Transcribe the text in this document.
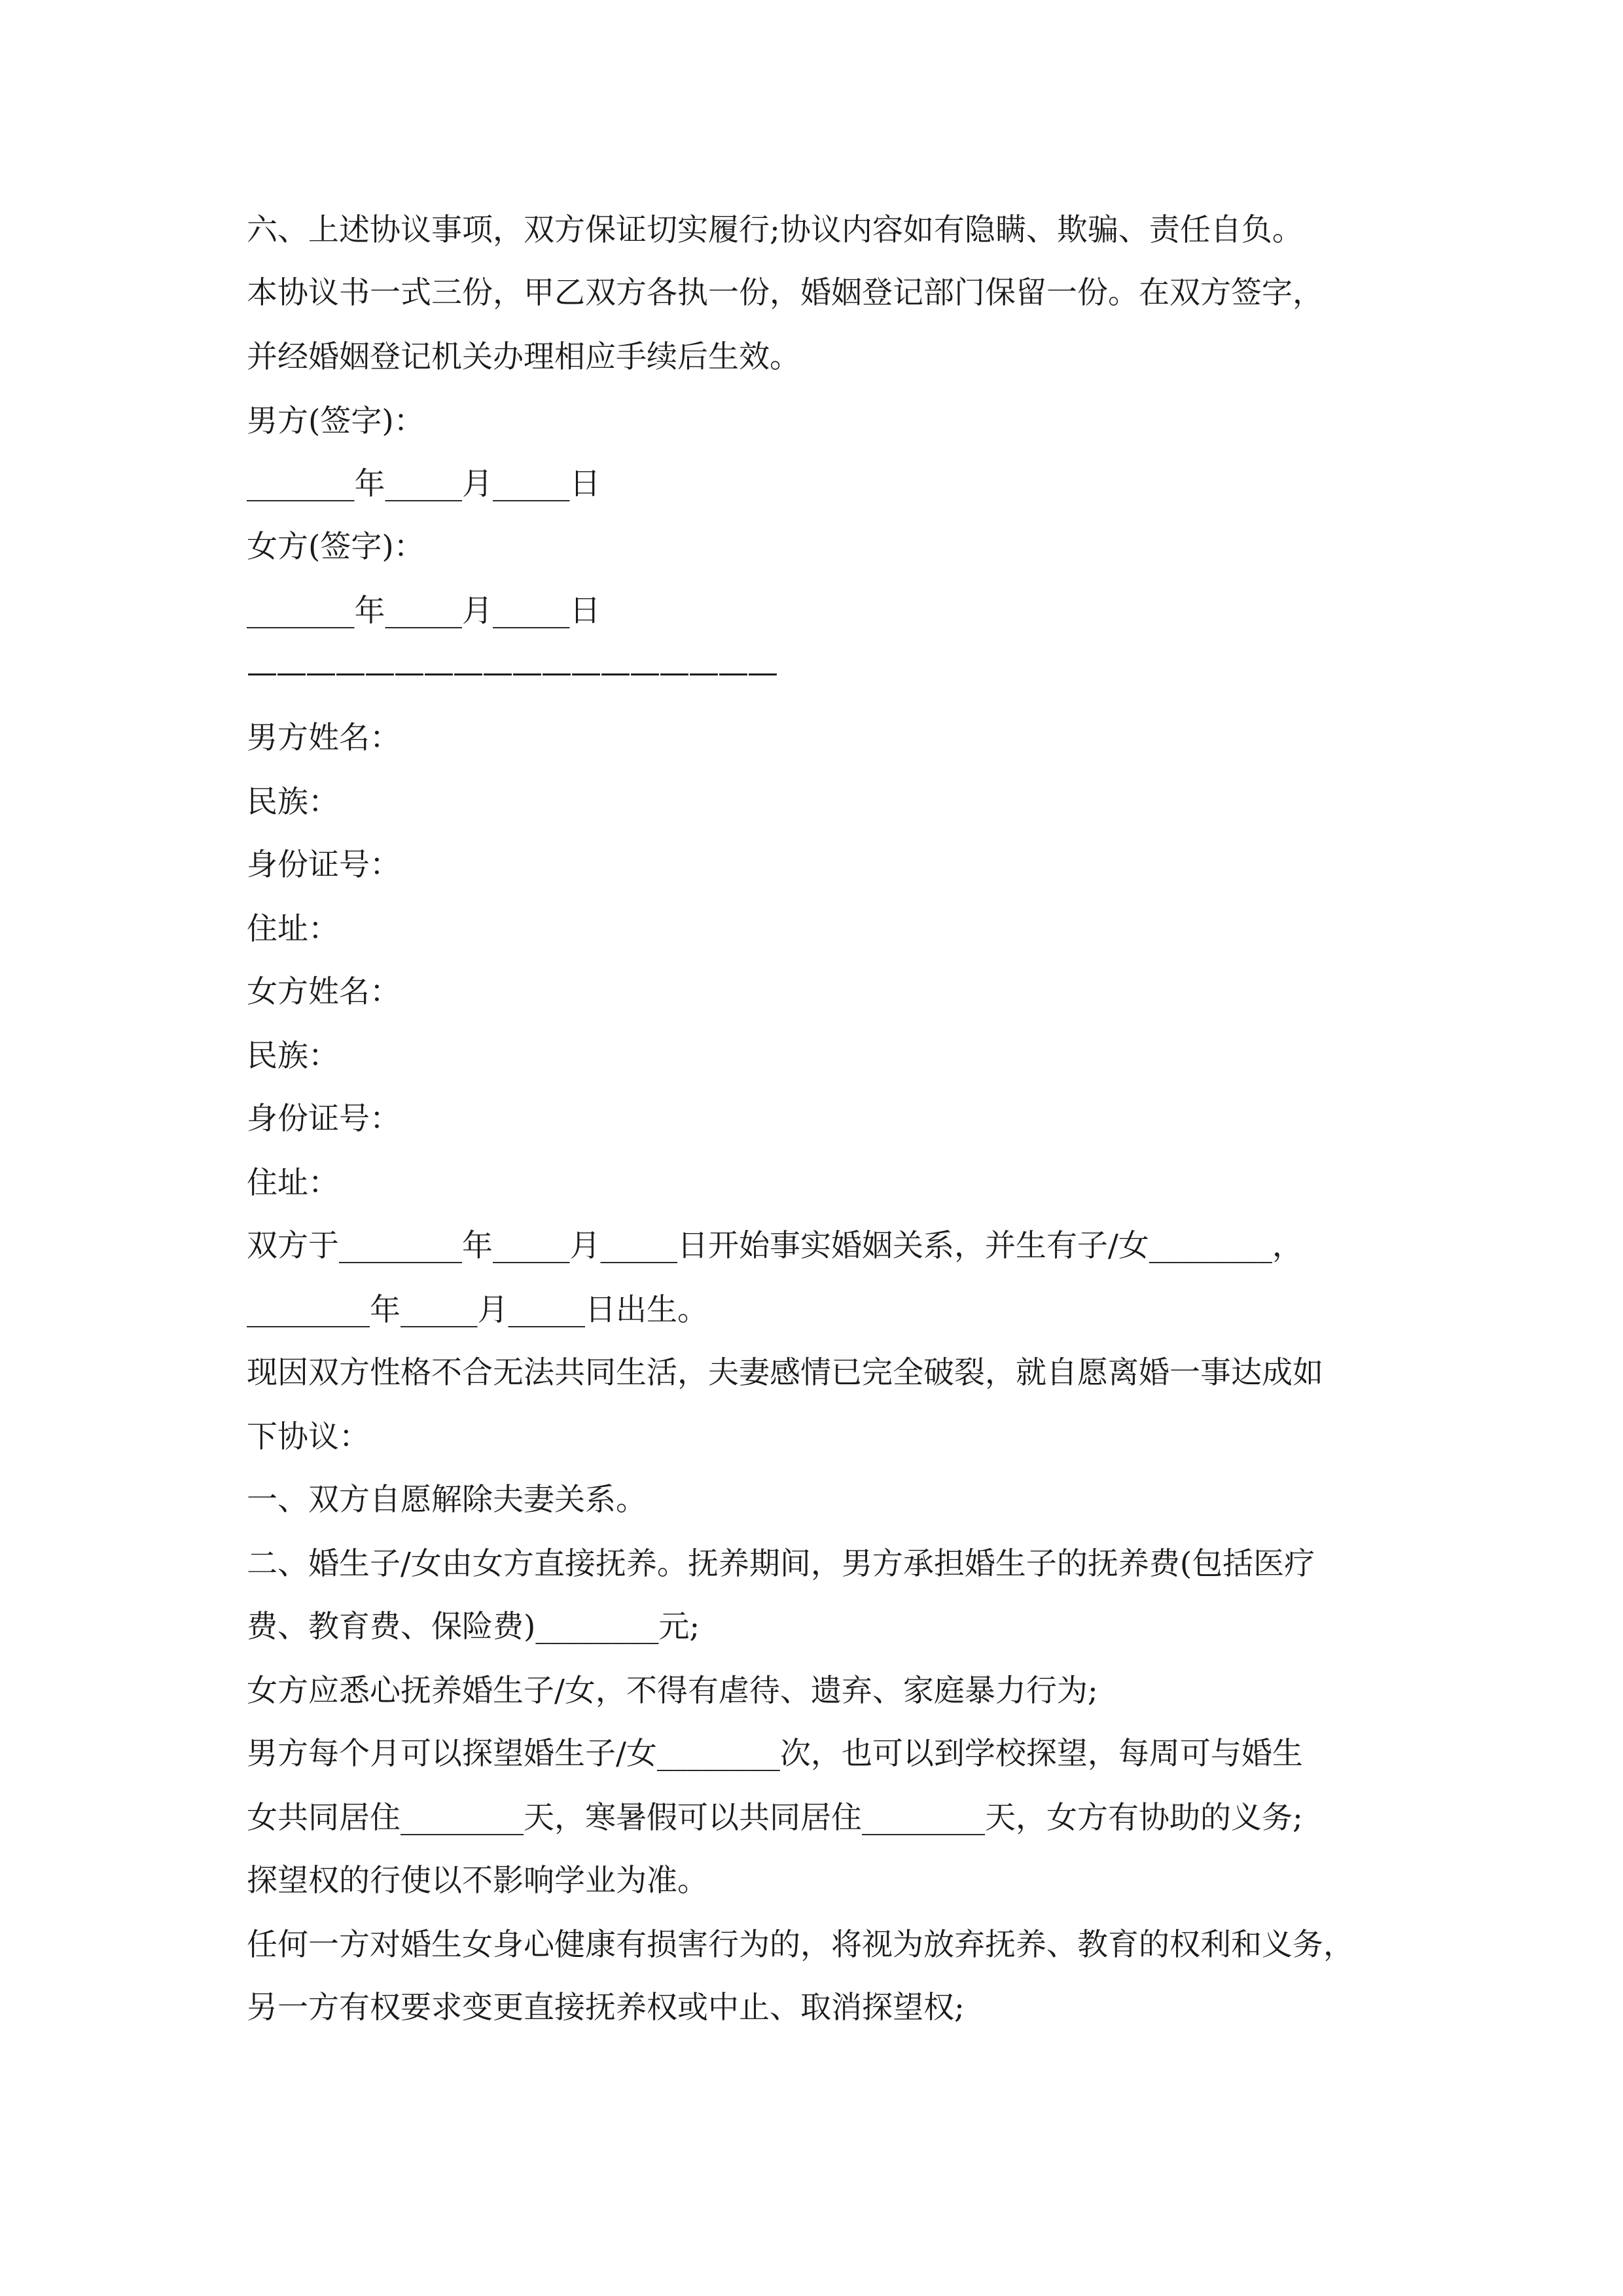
六、上述协议事项，双方保证切实履行;协议内容如有隐瞒、欺骗、责任自负。
本协议书一式三份，甲乙双方各执一份，婚姻登记部门保留一份。在双方签字，
并经婚姻登记机关办理相应手续后生效。
男方(签字)：
_______年_____月_____日
女方(签字)：
_______年_____月_____日
——————————————————
男方姓名：
民族：
身份证号：
住址：
女方姓名：
民族：
身份证号：
住址：
双方于________年_____月_____日开始事实婚姻关系，并生有子/女________，
________年_____月_____日出生。
现因双方性格不合无法共同生活，夫妻感情已完全破裂，就自愿离婚一事达成如
下协议：
一、双方自愿解除夫妻关系。
二、婚生子/女由女方直接抚养。抚养期间，男方承担婚生子的抚养费(包括医疗
费、教育费、保险费)________元;
女方应悉心抚养婚生子/女，不得有虐待、遗弃、家庭暴力行为;
男方每个月可以探望婚生子/女________次，也可以到学校探望，每周可与婚生
女共同居住________天，寒暑假可以共同居住________天，女方有协助的义务;
探望权的行使以不影响学业为准。
任何一方对婚生女身心健康有损害行为的，将视为放弃抚养、教育的权利和义务，
另一方有权要求变更直接抚养权或中止、取消探望权;
